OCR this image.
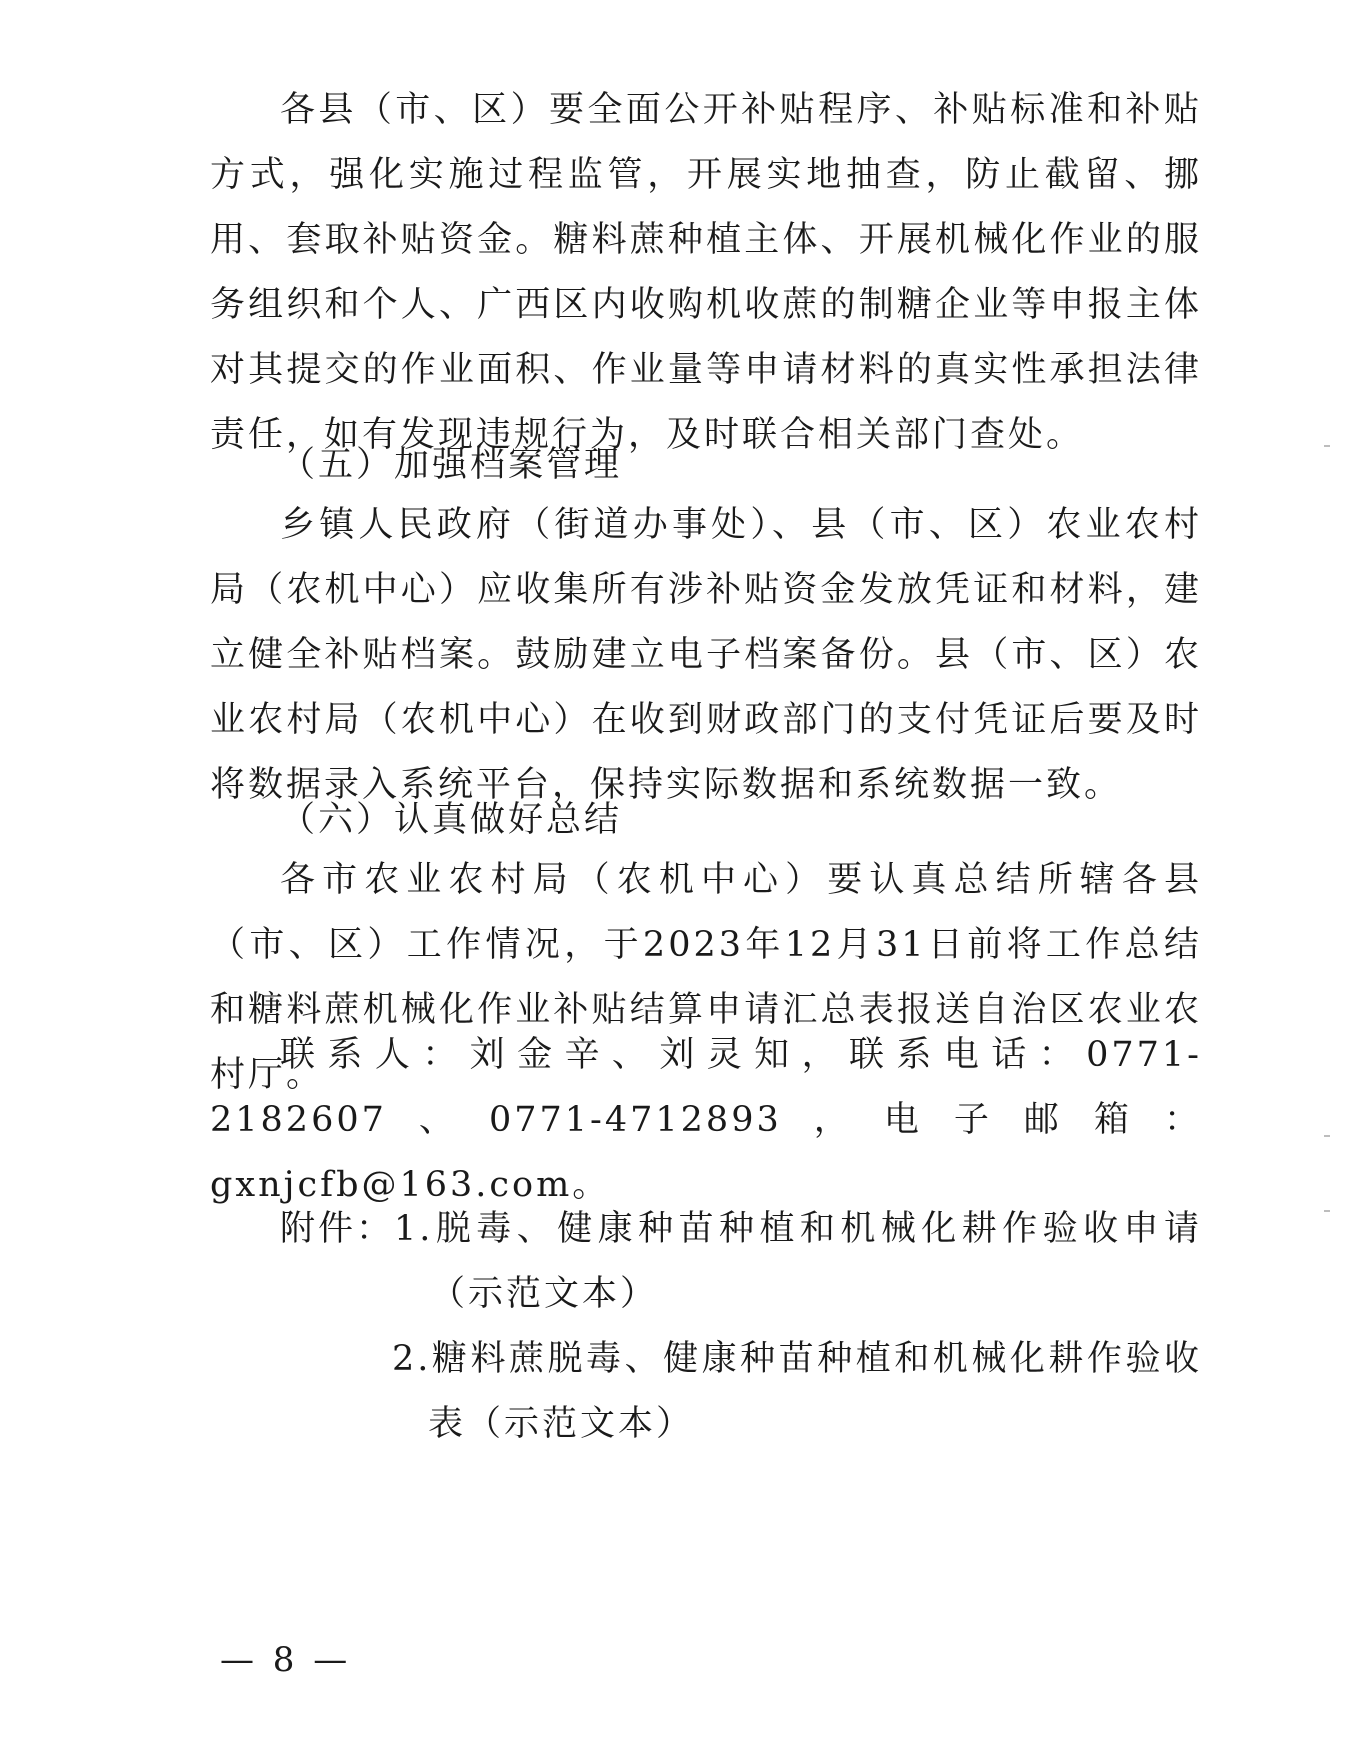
各县（市、区）要全面公开补贴程序、补贴标准和补贴方式，强化实施过程监管，开展实地抽查，防止截留、挪用、套取补贴资金。糖料蔗种植主体、开展机械化作业的服务组织和个人、广西区内收购机收蔗的制糖企业等申报主体对其提交的作业面积、作业量等申请材料的真实性承担法律责任，如有发现违规行为，及时联合相关部门查处。

（五）加强档案管理

乡镇人民政府（街道办事处）、县（市、区）农业农村局（农机中心）应收集所有涉补贴资金发放凭证和材料，建立健全补贴档案。鼓励建立电子档案备份。县（市、区）农业农村局（农机中心）在收到财政部门的支付凭证后要及时将数据录入系统平台，保持实际数据和系统数据一致。

（六）认真做好总结

各市农业农村局（农机中心）要认真总结所辖各县（市、区）工作情况，于2023年12月31日前将工作总结和糖料蔗机械化作业补贴结算申请汇总表报送自治区农业农村厅。

联系人：刘金辛、刘灵知，联系电话：0771-2182607、0771-4712893，电子邮箱：gxnjcfb@163.com。

附件： 1.脱毒、健康种苗种植和机械化耕作验收申请（示范文本）
2.糖料蔗脱毒、健康种苗种植和机械化耕作验收表（示范文本）
— 8 —
